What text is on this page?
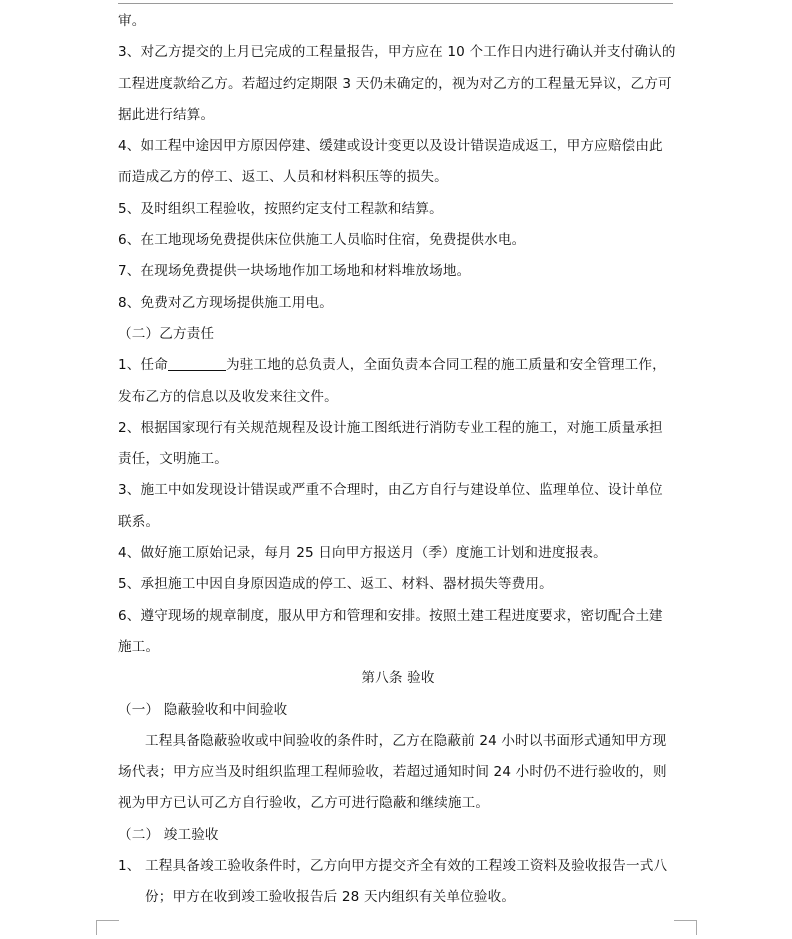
审。
3、对乙方提交的上月已完成的工程量报告，甲方应在 10 个工作日内进行确认并支付确认的
工程进度款给乙方。若超过约定期限 3 天仍未确定的，视为对乙方的工程量无异议，乙方可
据此进行结算。
4、如工程中途因甲方原因停建、缓建或设计变更以及设计错误造成返工，甲方应赔偿由此
而造成乙方的停工、返工、人员和材料积压等的损失。
5、及时组织工程验收，按照约定支付工程款和结算。
6、在工地现场免费提供床位供施工人员临时住宿，免费提供水电。
7、在现场免费提供一块场地作加工场地和材料堆放场地。
8、免费对乙方现场提供施工用电。
（二）乙方责任
1、任命	为驻工地的总负责人，全面负责本合同工程的施工质量和安全管理工作，
发布乙方的信息以及收发来往文件。
2、根据国家现行有关规范规程及设计施工图纸进行消防专业工程的施工，对施工质量承担
责任，文明施工。
3、施工中如发现设计错误或严重不合理时，由乙方自行与建设单位、监理单位、设计单位
联系。
4、做好施工原始记录，每月 25 日向甲方报送月（季）度施工计划和进度报表。
5、承担施工中因自身原因造成的停工、返工、材料、器材损失等费用。
6、遵守现场的规章制度，服从甲方和管理和安排。按照土建工程进度要求，密切配合土建
施工。
第八条 验收
（一） 隐蔽验收和中间验收
工程具备隐蔽验收或中间验收的条件时，乙方在隐蔽前 24 小时以书面形式通知甲方现
场代表；甲方应当及时组织监理工程师验收，若超过通知时间 24 小时仍不进行验收的，则
视为甲方已认可乙方自行验收，乙方可进行隐蔽和继续施工。
（二） 竣工验收
1、 工程具备竣工验收条件时，乙方向甲方提交齐全有效的工程竣工资料及验收报告一式八
份；甲方在收到竣工验收报告后 28 天内组织有关单位验收。
